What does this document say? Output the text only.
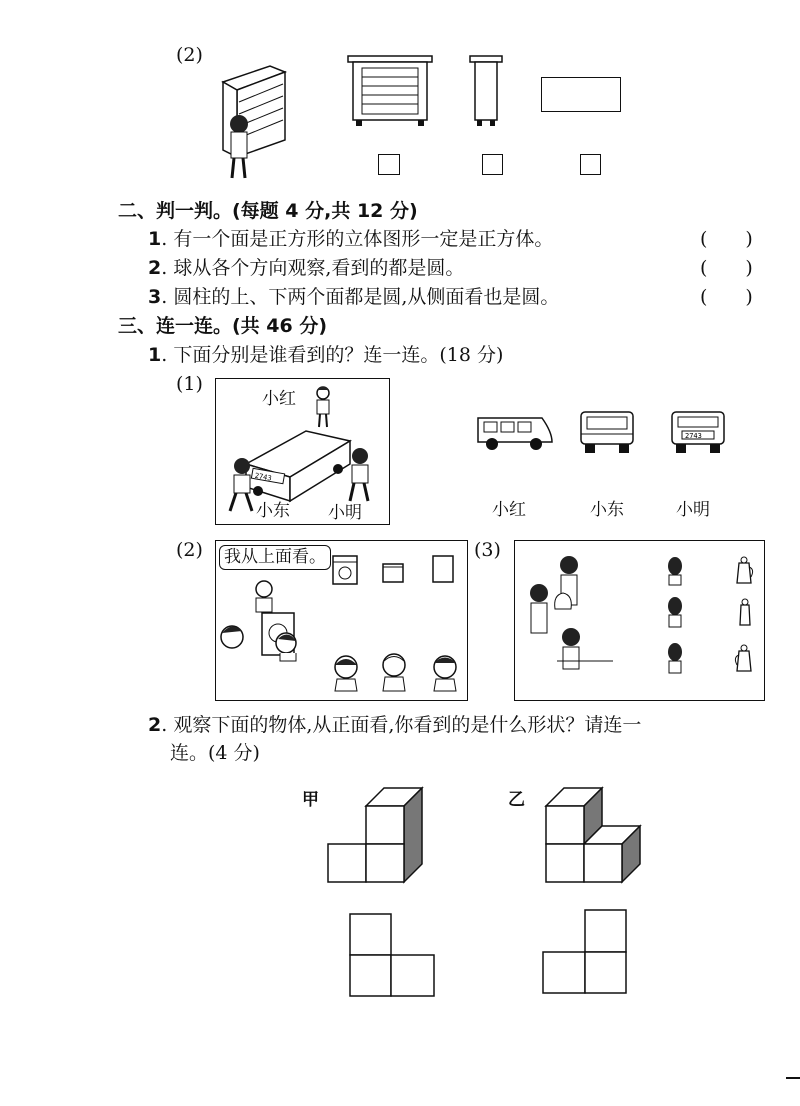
(2)
二、判一判。(每题 4 分,共 12 分)
1. 有一个面是正方形的立体图形一定是正方体。	(　　)
2. 球从各个方向观察,看到的都是圆。	(　　)
3. 圆柱的上、下两个面都是圆,从侧面看也是圆。	(　　)
三、连一连。(共 46 分)
1. 下面分别是谁看到的？连一连。(18 分)
(1)
小红
2743
小东 小明
2743
小红	小东	小明
(2) 我从上面看。	(3)
2. 观察下面的物体,从正面看,你看到的是什么形状？请连一
连。(4 分)
甲	乙
